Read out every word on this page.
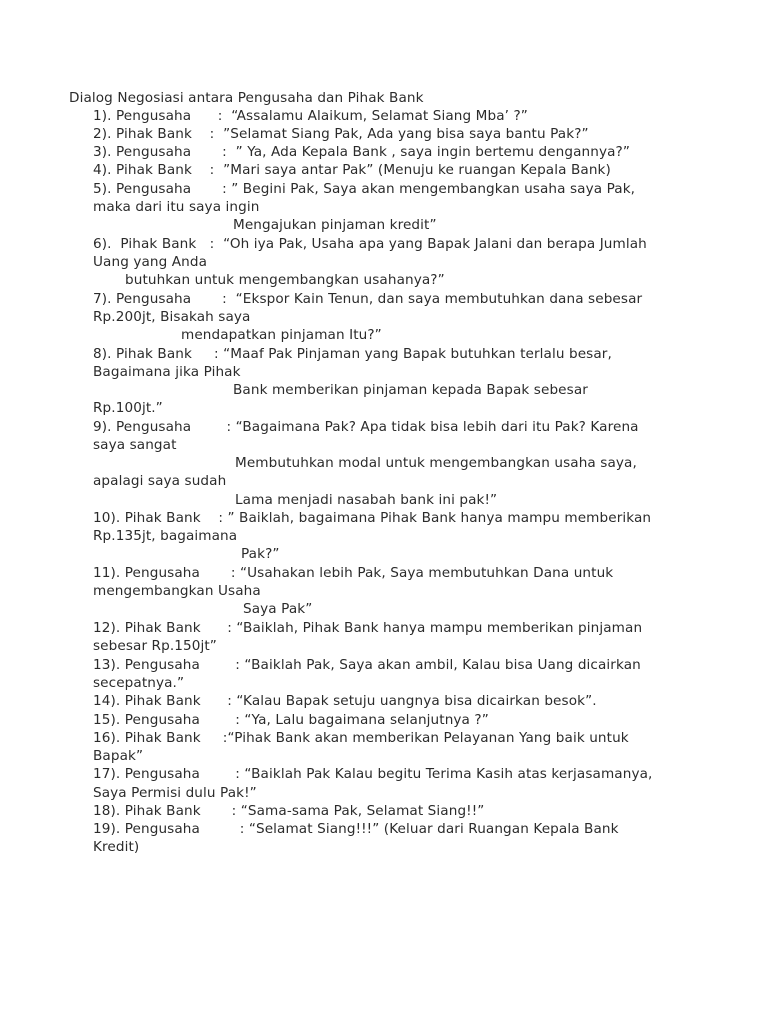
Dialog Negosiasi antara Pengusaha dan Pihak Bank
1). Pengusaha      :  “Assalamu Alaikum, Selamat Siang Mba’ ?”
2). Pihak Bank    :  ”Selamat Siang Pak, Ada yang bisa saya bantu Pak?”
3). Pengusaha       :  ” Ya, Ada Kepala Bank , saya ingin bertemu dengannya?”
4). Pihak Bank    :  ”Mari saya antar Pak” (Menuju ke ruangan Kepala Bank)
5). Pengusaha       : ” Begini Pak, Saya akan mengembangkan usaha saya Pak,
maka dari itu saya ingin
Mengajukan pinjaman kredit”
6).  Pihak Bank   :  “Oh iya Pak, Usaha apa yang Bapak Jalani dan berapa Jumlah
Uang yang Anda
butuhkan untuk mengembangkan usahanya?”
7). Pengusaha       :  “Ekspor Kain Tenun, dan saya membutuhkan dana sebesar
Rp.200jt, Bisakah saya
mendapatkan pinjaman Itu?”
8). Pihak Bank     : “Maaf Pak Pinjaman yang Bapak butuhkan terlalu besar,
Bagaimana jika Pihak
Bank memberikan pinjaman kepada Bapak sebesar
Rp.100jt.”
9). Pengusaha        : “Bagaimana Pak? Apa tidak bisa lebih dari itu Pak? Karena
saya sangat
Membutuhkan modal untuk mengembangkan usaha saya,
apalagi saya sudah
Lama menjadi nasabah bank ini pak!”
10). Pihak Bank    : ” Baiklah, bagaimana Pihak Bank hanya mampu memberikan
Rp.135jt, bagaimana
Pak?”
11). Pengusaha       : “Usahakan lebih Pak, Saya membutuhkan Dana untuk
mengembangkan Usaha
Saya Pak”
12). Pihak Bank      : “Baiklah, Pihak Bank hanya mampu memberikan pinjaman
sebesar Rp.150jt”
13). Pengusaha        : “Baiklah Pak, Saya akan ambil, Kalau bisa Uang dicairkan
secepatnya.”
14). Pihak Bank      : “Kalau Bapak setuju uangnya bisa dicairkan besok”.
15). Pengusaha        : “Ya, Lalu bagaimana selanjutnya ?”
16). Pihak Bank     :“Pihak Bank akan memberikan Pelayanan Yang baik untuk
Bapak”
17). Pengusaha        : “Baiklah Pak Kalau begitu Terima Kasih atas kerjasamanya,
Saya Permisi dulu Pak!”
18). Pihak Bank       : “Sama-sama Pak, Selamat Siang!!”
19). Pengusaha         : “Selamat Siang!!!” (Keluar dari Ruangan Kepala Bank
Kredit)
